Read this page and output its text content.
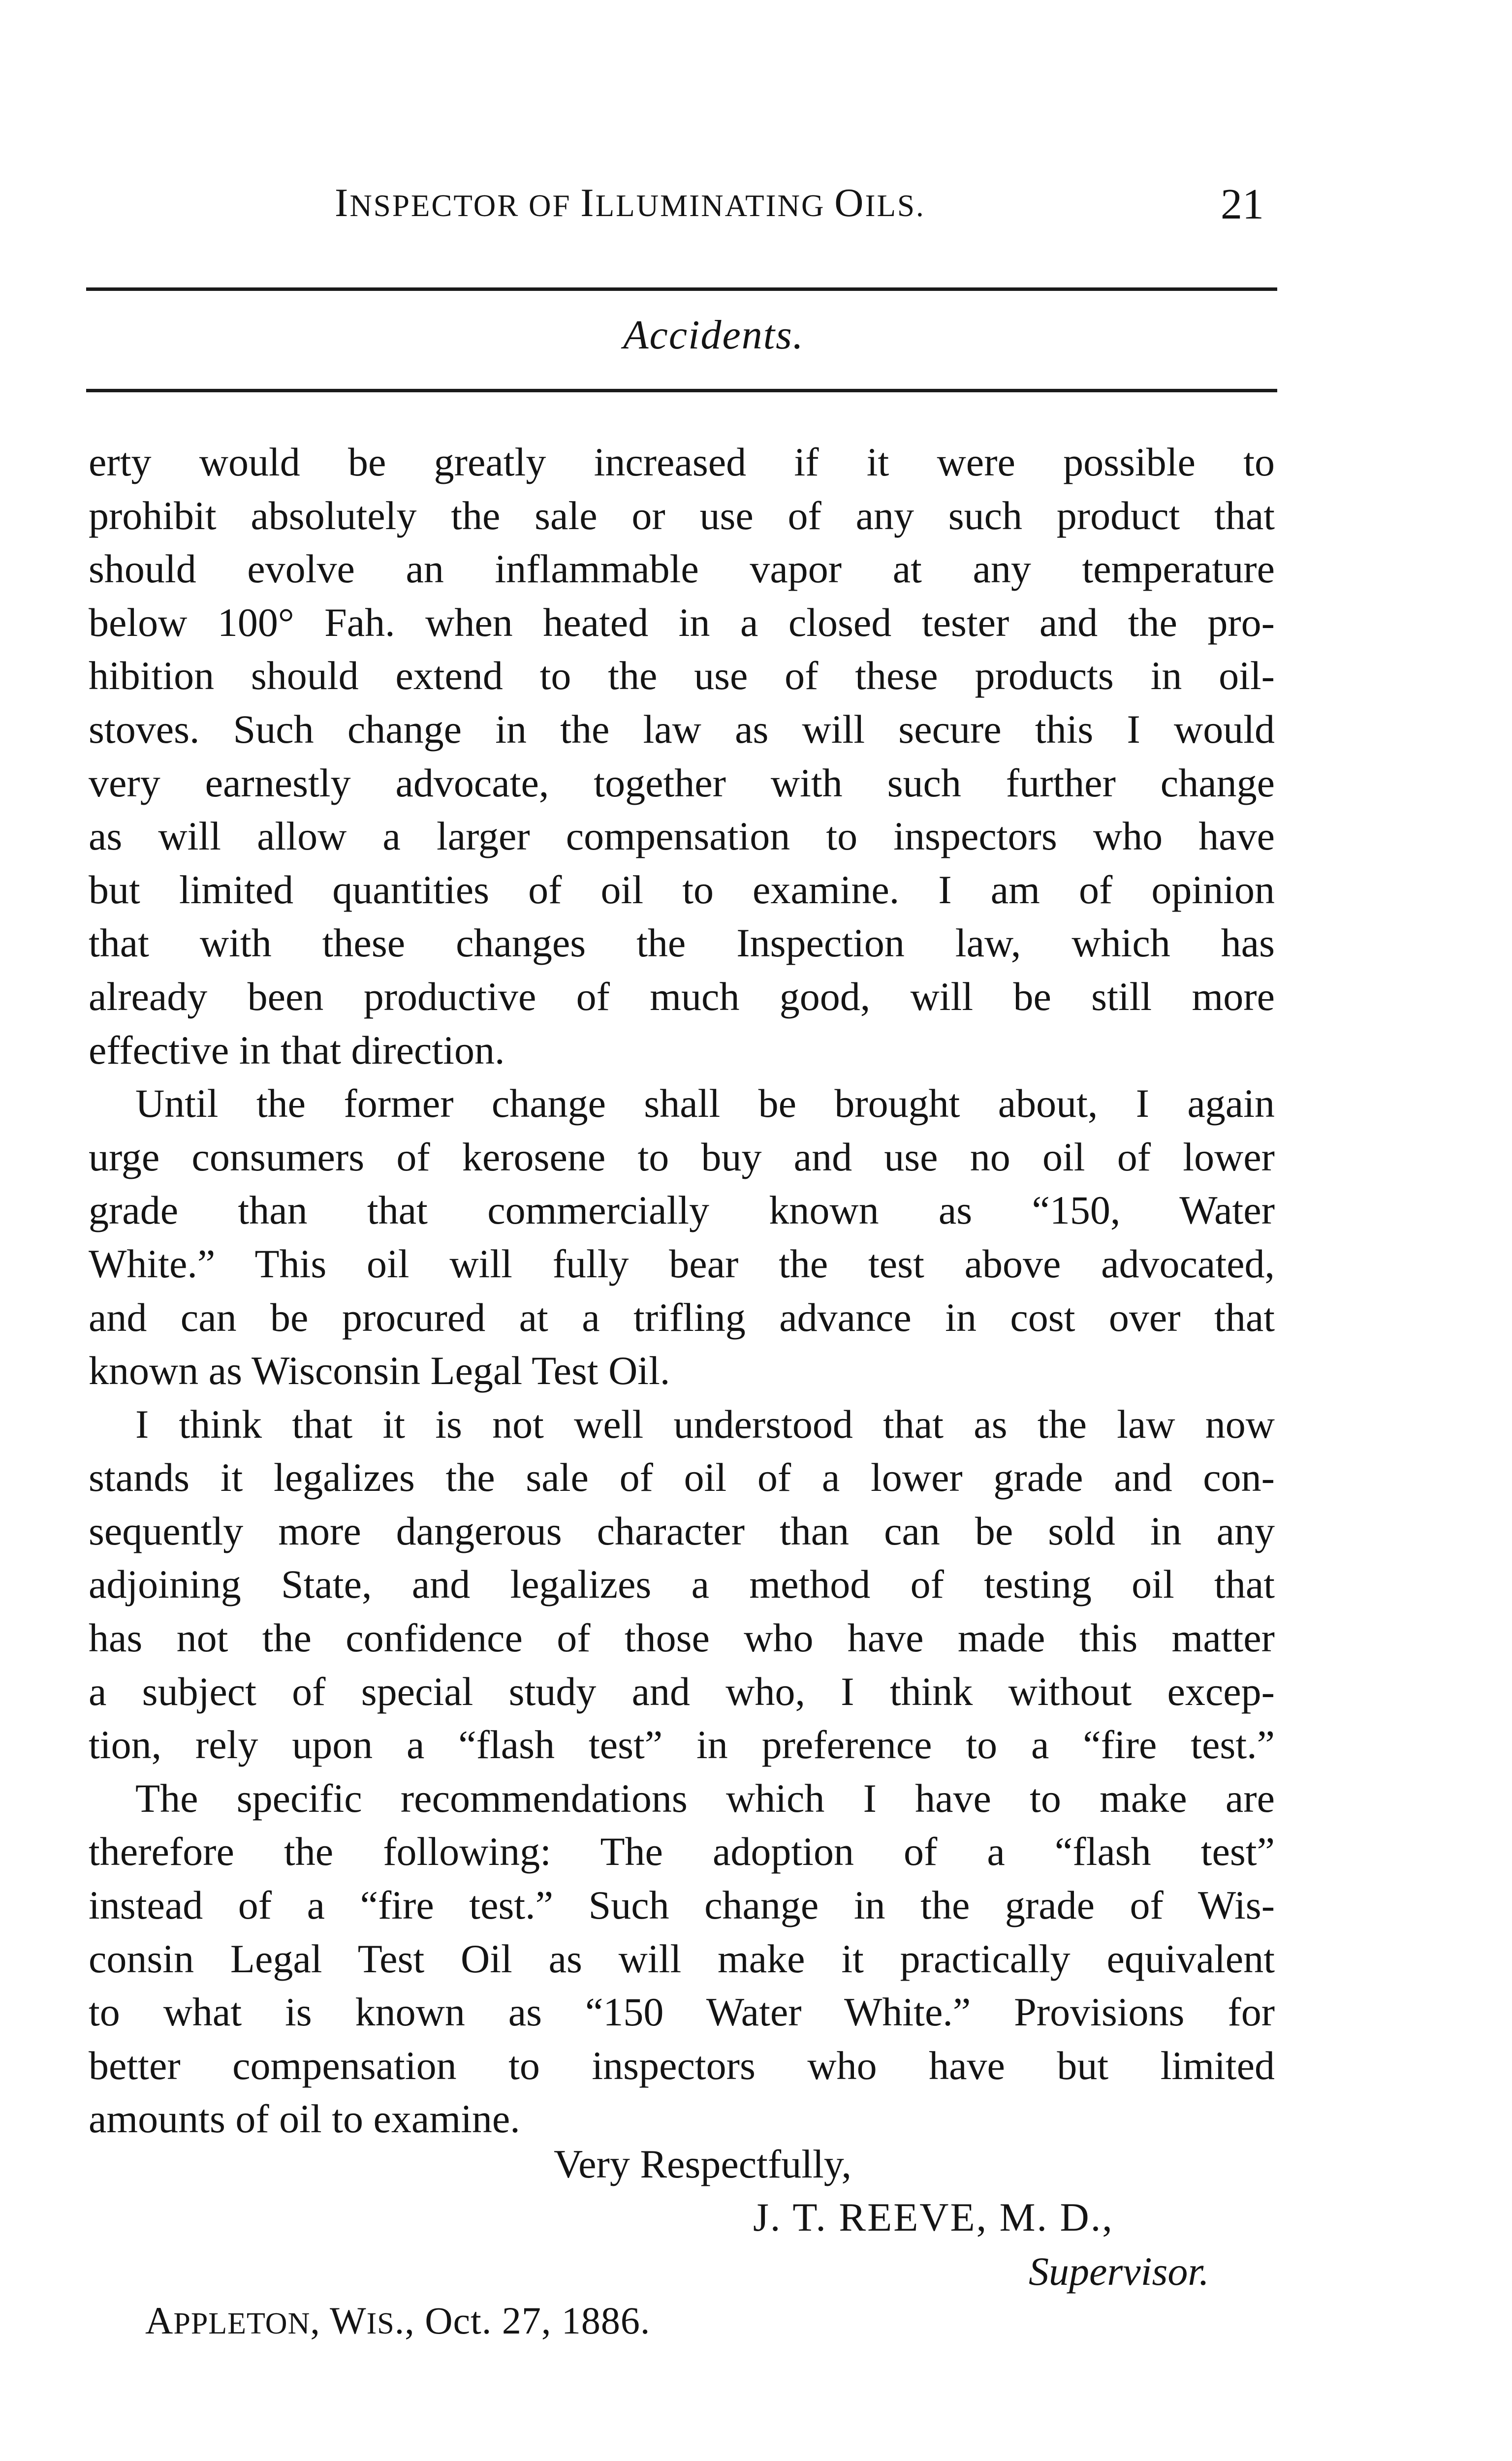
INSPECTOR OF ILLUMINATING OILS.	21
Accidents.
erty would be greatly increased if it were possible to
prohibit absolutely the sale or use of any such product that
should evolve an inflammable vapor at any temperature
below 100° Fah. when heated in a closed tester and the pro-
hibition should extend to the use of these products in oil-
stoves. Such change in the law as will secure this I would
very earnestly advocate, together with such further change
as will allow a larger compensation to inspectors who have
but limited quantities of oil to examine. I am of opinion
that with these changes the Inspection law, which has
already been productive of much good, will be still more
effective in that direction.
Until the former change shall be brought about, I again
urge consumers of kerosene to buy and use no oil of lower
grade than that commercially known as “150, Water
White.” This oil will fully bear the test above advocated,
and can be procured at a trifling advance in cost over that
known as Wisconsin Legal Test Oil.
I think that it is not well understood that as the law now
stands it legalizes the sale of oil of a lower grade and con-
sequently more dangerous character than can be sold in any
adjoining State, and legalizes a method of testing oil that
has not the confidence of those who have made this matter
a subject of special study and who, I think without excep-
tion, rely upon a “flash test” in preference to a “fire test.”
The specific recommendations which I have to make are
therefore the following: The adoption of a “flash test”
instead of a “fire test.” Such change in the grade of Wis-
consin Legal Test Oil as will make it practically equivalent
to what is known as “150 Water White.” Provisions for
better compensation to inspectors who have but limited
amounts of oil to examine.
Very Respectfully,
J. T. REEVE, M. D.,
Supervisor.
APPLETON, WIS., Oct. 27, 1886.
